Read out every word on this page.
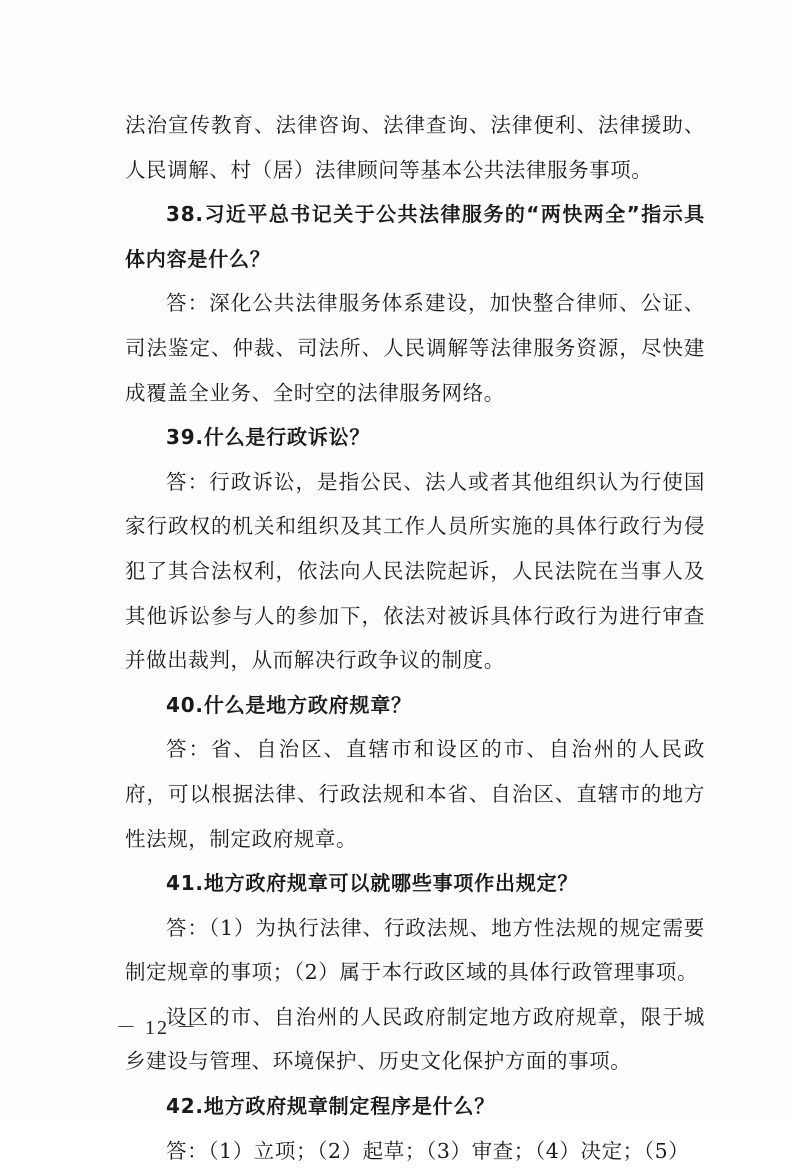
法治宣传教育、法律咨询、法律查询、法律便利、法律援助、人民调解、村（居）法律顾问等基本公共法律服务事项。

38.习近平总书记关于公共法律服务的“两快两全”指示具体内容是什么？

答：深化公共法律服务体系建设，加快整合律师、公证、司法鉴定、仲裁、司法所、人民调解等法律服务资源，尽快建成覆盖全业务、全时空的法律服务网络。

39.什么是行政诉讼？

答：行政诉讼，是指公民、法人或者其他组织认为行使国家行政权的机关和组织及其工作人员所实施的具体行政行为侵犯了其合法权利，依法向人民法院起诉，人民法院在当事人及其他诉讼参与人的参加下，依法对被诉具体行政行为进行审查并做出裁判，从而解决行政争议的制度。

40.什么是地方政府规章？

答：省、自治区、直辖市和设区的市、自治州的人民政府，可以根据法律、行政法规和本省、自治区、直辖市的地方性法规，制定政府规章。

41.地方政府规章可以就哪些事项作出规定？

答：（1）为执行法律、行政法规、地方性法规的规定需要制定规章的事项；（2）属于本行政区域的具体行政管理事项。

设区的市、自治州的人民政府制定地方政府规章，限于城乡建设与管理、环境保护、历史文化保护方面的事项。

42.地方政府规章制定程序是什么？

答：（1）立项；（2）起草；（3）审查；（4）决定；（5）

－ 12 －
